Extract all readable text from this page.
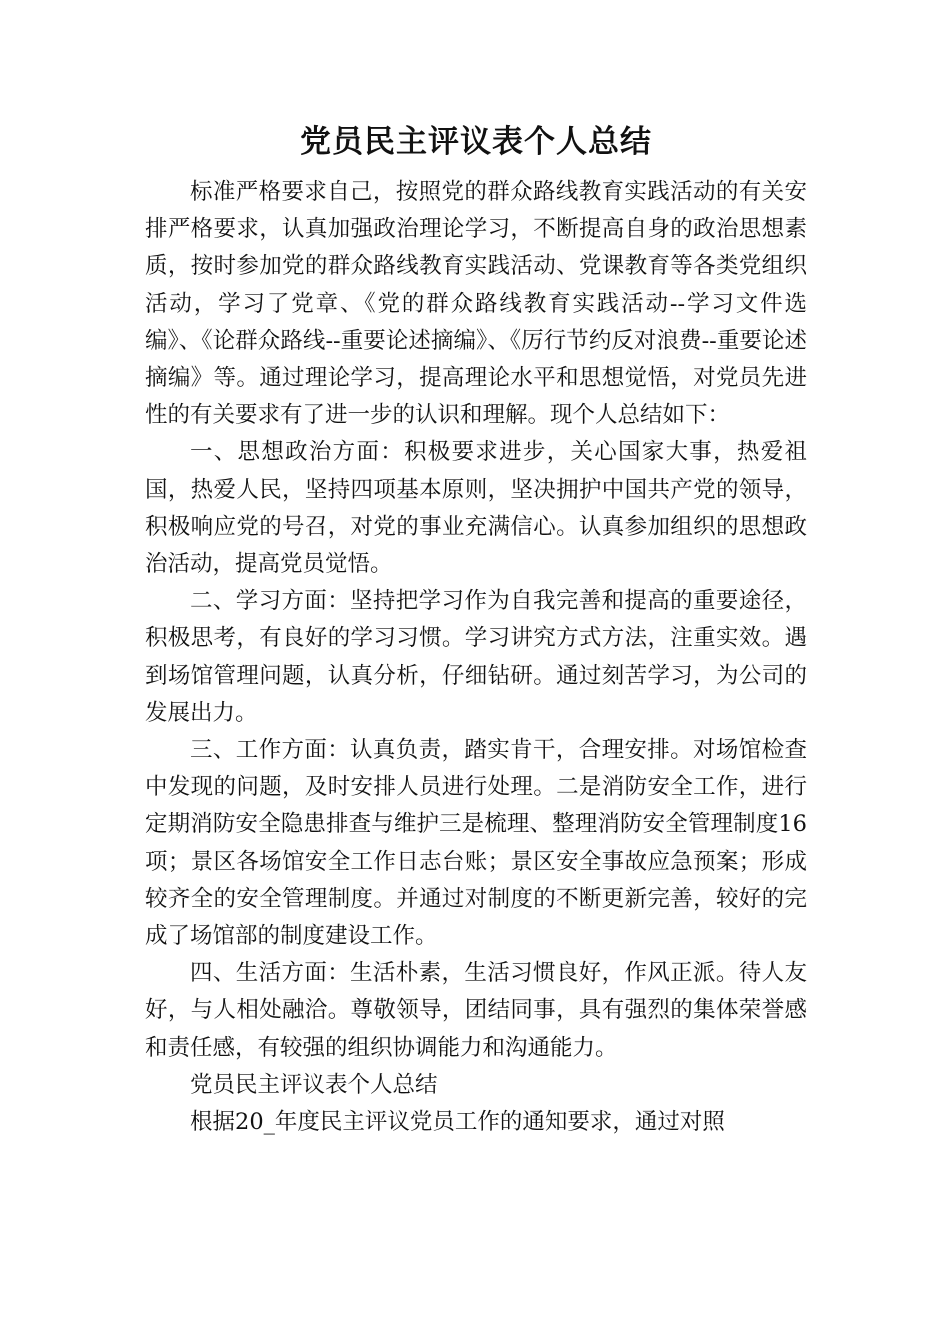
党员民主评议表个人总结

标准严格要求自己，按照党的群众路线教育实践活动的有关安排严格要求，认真加强政治理论学习，不断提高自身的政治思想素质，按时参加党的群众路线教育实践活动、党课教育等各类党组织活动，学习了党章、《党的群众路线教育实践活动--学习文件选编》、《论群众路线--重要论述摘编》、《厉行节约反对浪费--重要论述摘编》等。通过理论学习，提高理论水平和思想觉悟，对党员先进性的有关要求有了进一步的认识和理解。现个人总结如下：

一、思想政治方面：积极要求进步，关心国家大事，热爱祖国，热爱人民，坚持四项基本原则，坚决拥护中国共产党的领导，积极响应党的号召，对党的事业充满信心。认真参加组织的思想政治活动，提高党员觉悟。

二、学习方面：坚持把学习作为自我完善和提高的重要途径，积极思考，有良好的学习习惯。学习讲究方式方法，注重实效。遇到场馆管理问题，认真分析，仔细钻研。通过刻苦学习，为公司的发展出力。

三、工作方面：认真负责，踏实肯干，合理安排。对场馆检查中发现的问题，及时安排人员进行处理。二是消防安全工作，进行定期消防安全隐患排查与维护三是梳理、整理消防安全管理制度16项；景区各场馆安全工作日志台账；景区安全事故应急预案；形成较齐全的安全管理制度。并通过对制度的不断更新完善，较好的完成了场馆部的制度建设工作。

四、生活方面：生活朴素，生活习惯良好，作风正派。待人友好，与人相处融洽。尊敬领导，团结同事，具有强烈的集体荣誉感和责任感，有较强的组织协调能力和沟通能力。

党员民主评议表个人总结

根据20_年度民主评议党员工作的通知要求，通过对照
